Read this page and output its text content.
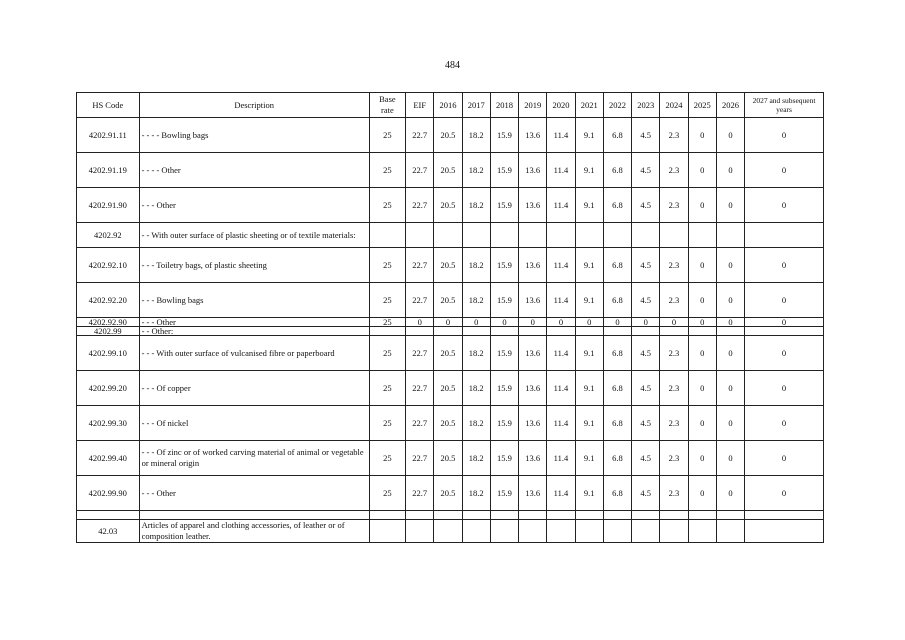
484
HS Code	Description	Base rate	EIF	2016	2017	2018	2019	2020	2021	2022	2023	2024	2025	2026	2027 and subsequent years
4202.91.11	- - - - Bowling bags	25	22.7	20.5	18.2	15.9	13.6	11.4	9.1	6.8	4.5	2.3	0	0	0
4202.91.19	- - - - Other	25	22.7	20.5	18.2	15.9	13.6	11.4	9.1	6.8	4.5	2.3	0	0	0
4202.91.90	- - - Other	25	22.7	20.5	18.2	15.9	13.6	11.4	9.1	6.8	4.5	2.3	0	0	0
4202.92	- - With outer surface of plastic sheeting or of textile materials:														
4202.92.10	- - - Toiletry bags, of plastic sheeting	25	22.7	20.5	18.2	15.9	13.6	11.4	9.1	6.8	4.5	2.3	0	0	0
4202.92.20	- - - Bowling bags	25	22.7	20.5	18.2	15.9	13.6	11.4	9.1	6.8	4.5	2.3	0	0	0
4202.92.90	- - - Other	25	0	0	0	0	0	0	0	0	0	0	0	0	0
4202.99	- - Other:														
4202.99.10	- - - With outer surface of vulcanised fibre or paperboard	25	22.7	20.5	18.2	15.9	13.6	11.4	9.1	6.8	4.5	2.3	0	0	0
4202.99.20	- - - Of copper	25	22.7	20.5	18.2	15.9	13.6	11.4	9.1	6.8	4.5	2.3	0	0	0
4202.99.30	- - - Of nickel	25	22.7	20.5	18.2	15.9	13.6	11.4	9.1	6.8	4.5	2.3	0	0	0
4202.99.40	- - - Of zinc or of worked carving material of animal or vegetable or mineral origin	25	22.7	20.5	18.2	15.9	13.6	11.4	9.1	6.8	4.5	2.3	0	0	0
4202.99.90	- - - Other	25	22.7	20.5	18.2	15.9	13.6	11.4	9.1	6.8	4.5	2.3	0	0	0

42.03	Articles of apparel and clothing accessories, of leather or of composition leather.														
